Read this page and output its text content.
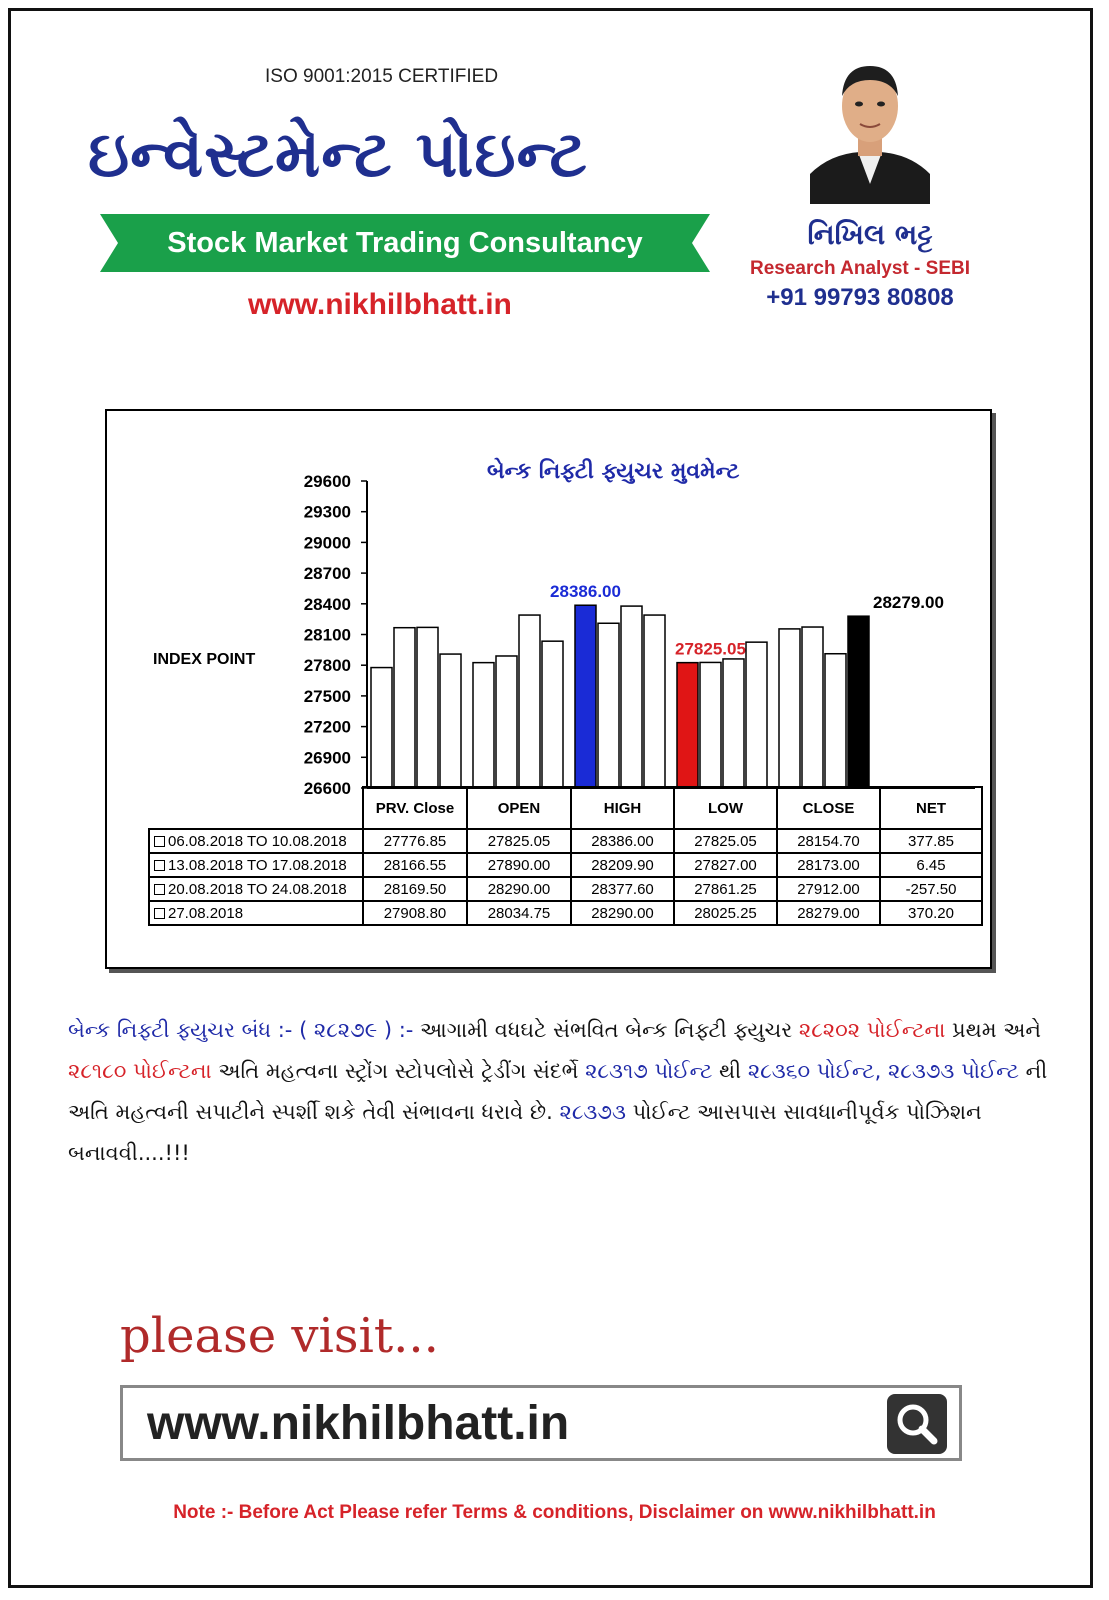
ISO 9001:2015 CERTIFIED
ઇન્વેસ્ટમેન્ટ પોઇન્ટ
Stock Market Trading Consultancy
www.nikhilbhatt.in
નિખિલ ભટ્ટ
Research Analyst - SEBI
+91 99793 80808
29600
29300
29000
28700
28400
28100
27800
27500
27200
26900
26600
28386.00
27825.05
28279.00
બેન્ક નિફ્ટી ફ્યુચર મુવમેન્ટ
INDEX POINT
	PRV. Close	OPEN	HIGH	LOW	CLOSE	NET
06.08.2018 TO 10.08.2018	27776.85	27825.05	28386.00	27825.05	28154.70	377.85
13.08.2018 TO 17.08.2018	28166.55	27890.00	28209.90	27827.00	28173.00	6.45
20.08.2018 TO 24.08.2018	28169.50	28290.00	28377.60	27861.25	27912.00	-257.50
27.08.2018	27908.80	28034.75	28290.00	28025.25	28279.00	370.20
બેન્ક નિફ્ટી ફ્યુચર બંધ :- ( ૨૮૨૭૯ ) :- આગામી વધઘટે સંભવિત બેન્ક નિફ્ટી ફ્યુચર ૨૮૨૦૨ પોઈન્ટના પ્રથમ અને ૨૮૧૮૦ પોઈન્ટના અતિ મહત્વના સ્ટ્રોંગ સ્ટોપલોસે ટ્રેડીંગ સંદર્ભે ૨૮૩૧૭ પોઈન્ટ થી ૨૮૩૬૦ પોઈન્ટ, ૨૮૩૭૩ પોઈન્ટ ની અતિ મહત્વની સપાટીને સ્પર્શી શકે તેવી સંભાવના ધરાવે છે. ૨૮૩૭૩ પોઈન્ટ આસપાસ સાવધાનીપૂર્વક પોઝિશન બનાવવી....!!!
please visit...
www.nikhilbhatt.in
Note :- Before Act Please refer Terms & conditions, Disclaimer on www.nikhilbhatt.in
